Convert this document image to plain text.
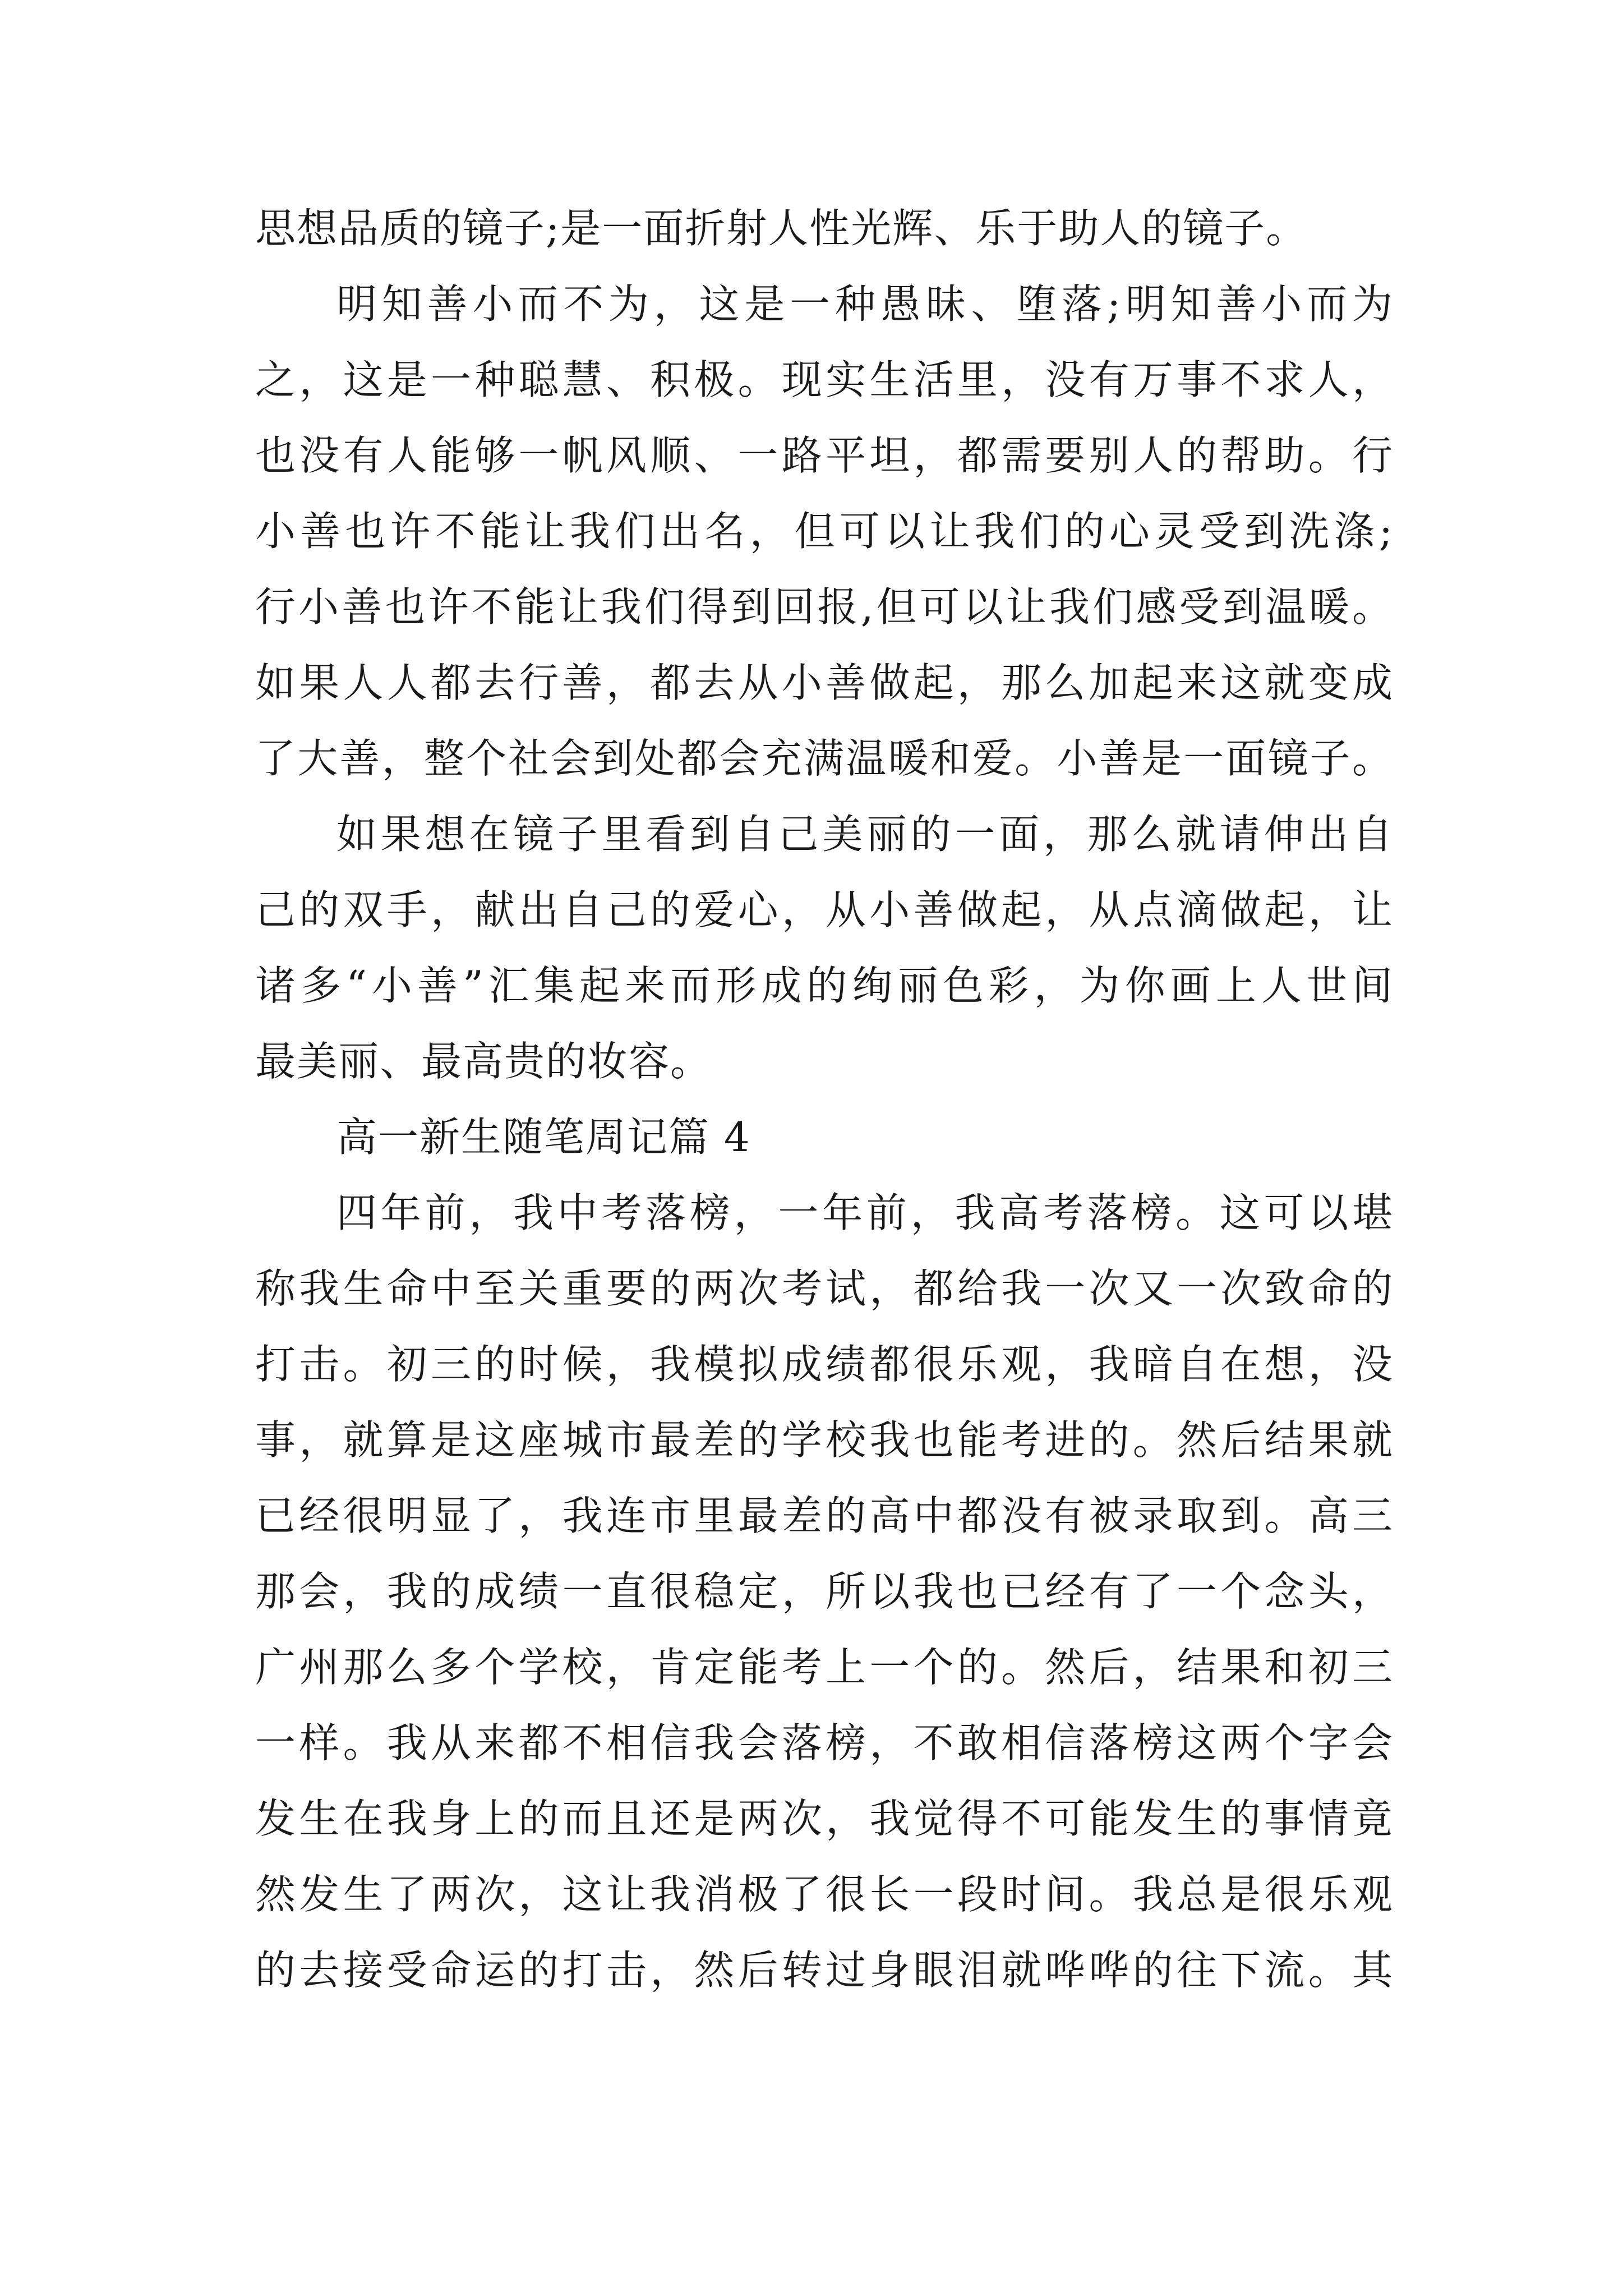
思想品质的镜子;是一面折射人性光辉、乐于助人的镜子。
明知善小而不为，这是一种愚昧、堕落;明知善小而为
之，这是一种聪慧、积极。现实生活里，没有万事不求人，
也没有人能够一帆风顺、一路平坦，都需要别人的帮助。行
小善也许不能让我们出名，但可以让我们的心灵受到洗涤;
行小善也许不能让我们得到回报,但可以让我们感受到温暖。
如果人人都去行善，都去从小善做起，那么加起来这就变成
了大善，整个社会到处都会充满温暖和爱。小善是一面镜子。
如果想在镜子里看到自己美丽的一面，那么就请伸出自
己的双手，献出自己的爱心，从小善做起，从点滴做起，让
诸多“小善”汇集起来而形成的绚丽色彩，为你画上人世间
最美丽、最高贵的妆容。
高一新生随笔周记篇 4
四年前，我中考落榜，一年前，我高考落榜。这可以堪
称我生命中至关重要的两次考试，都给我一次又一次致命的
打击。初三的时候，我模拟成绩都很乐观，我暗自在想，没
事，就算是这座城市最差的学校我也能考进的。然后结果就
已经很明显了，我连市里最差的高中都没有被录取到。高三
那会，我的成绩一直很稳定，所以我也已经有了一个念头，
广州那么多个学校，肯定能考上一个的。然后，结果和初三
一样。我从来都不相信我会落榜，不敢相信落榜这两个字会
发生在我身上的而且还是两次，我觉得不可能发生的事情竟
然发生了两次，这让我消极了很长一段时间。我总是很乐观
的去接受命运的打击，然后转过身眼泪就哗哗的往下流。其
